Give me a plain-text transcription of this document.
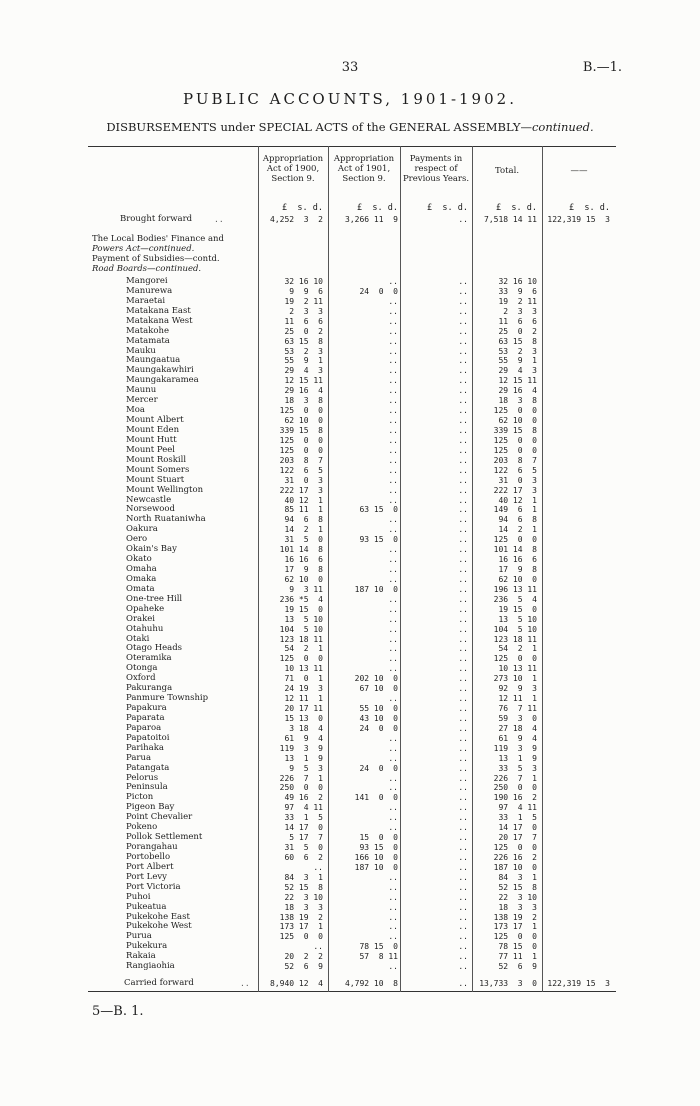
33	B.—1.
PUBLIC ACCOUNTS, 1901-1902.
DISBURSEMENTS under SPECIAL ACTS of the GENERAL ASSEMBLY—continued.
Appropriation Act of 1900, Section 9.
Appropriation Act of 1901, Section 9.
Payments in respect of Previous Years.
Total.	——
£  s. d.	£  s. d.	£  s. d.	£  s. d.	£  s. d.
Brought forward	..	4,252  3  2	3,266 11  9	..	7,518 14 11	122,319 15  3
The Local Bodies' Finance and
Powers Act—continued.
Payment of Subsidies—contd.
Road Boards—continued.
Mangorei	32 16 10	..	..	32 16 10
Manurewa	9  9  6	24  0  0	..	33  9  6
Maraetai	19  2 11	..	..	19  2 11
Matakana East	2  3  3	..	..	2  3  3
Matakana West	11  6  6	..	..	11  6  6
Matakohe	25  0  2	..	..	25  0  2
Matamata	63 15  8	..	..	63 15  8
Mauku	53  2  3	..	..	53  2  3
Maungaatua	55  9  1	..	..	55  9  1
Maungakawhiri	29  4  3	..	..	29  4  3
Maungakaramea	12 15 11	..	..	12 15 11
Maunu	29 16  4	..	..	29 16  4
Mercer	18  3  8	..	..	18  3  8
Moa	125  0  0	..	..	125  0  0
Mount Albert	62 10  0	..	..	62 10  0
Mount Eden	339 15  8	..	..	339 15  8
Mount Hutt	125  0  0	..	..	125  0  0
Mount Peel	125  0  0	..	..	125  0  0
Mount Roskill	203  8  7	..	..	203  8  7
Mount Somers	122  6  5	..	..	122  6  5
Mount Stuart	31  0  3	..	..	31  0  3
Mount Wellington	222 17  3	..	..	222 17  3
Newcastle	40 12  1	..	..	40 12  1
Norsewood	85 11  1	63 15  0	..	149  6  1
North Ruataniwha	94  6  8	..	..	94  6  8
Oakura	14  2  1	..	..	14  2  1
Oero	31  5  0	93 15  0	..	125  0  0
Okain's Bay	101 14  8	..	..	101 14  8
Okato	16 16  6	..	..	16 16  6
Omaha	17  9  8	..	..	17  9  8
Omaka	62 10  0	..	..	62 10  0
Omata	9  3 11	187 10  0	..	196 13 11
One-tree Hill	236 *5  4	..	..	236  5  4
Opaheke	19 15  0	..	..	19 15  0
Orakei	13  5 10	..	..	13  5 10
Otahuhu	104  5 10	..	..	104  5 10
Otaki	123 18 11	..	..	123 18 11
Otago Heads	54  2  1	..	..	54  2  1
Oteramika	125  0  0	..	..	125  0  0
Otonga	10 13 11	..	..	10 13 11
Oxford	71  0  1	202 10  0	..	273 10  1
Pakuranga	24 19  3	67 10  0	..	92  9  3
Panmure Township	12 11  1	..	..	12 11  1
Papakura	20 17 11	55 10  0	..	76  7 11
Paparata	15 13  0	43 10  0	..	59  3  0
Paparoa	3 18  4	24  0  0	..	27 18  4
Papatoitoi	61  9  4	..	..	61  9  4
Parihaka	119  3  9	..	..	119  3  9
Parua	13  1  9	..	..	13  1  9
Patangata	9  5  3	24  0  0	..	33  5  3
Pelorus	226  7  1	..	..	226  7  1
Peninsula	250  0  0	..	..	250  0  0
Picton	49 16  2	141  0  0	..	190 16  2
Pigeon Bay	97  4 11	..	..	97  4 11
Point Chevalier	33  1  5	..	..	33  1  5
Pokeno	14 17  0	..	..	14 17  0
Pollok Settlement	5 17  7	15  0  0	..	20 17  7
Porangahau	31  5  0	93 15  0	..	125  0  0
Portobello	60  6  2	166 10  0	..	226 16  2
Port Albert	..	187 10  0	..	187 10  0
Port Levy	84  3  1	..	..	84  3  1
Port Victoria	52 15  8	..	..	52 15  8
Puhoi	22  3 10	..	..	22  3 10
Pukeatua	18  3  3	..	..	18  3  3
Pukekohe East	138 19  2	..	..	138 19  2
Pukekohe West	173 17  1	..	..	173 17  1
Purua	125  0  0	..	..	125  0  0
Pukekura	..	78 15  0	..	78 15  0
Rakaia	20  2  2	57  8 11	..	77 11  1
Rangiaohia	52  6  9	..	..	52  6  9
Carried forward	..	8,940 12  4	4,792 10  8	..	13,733  3  0	122,319 15  3
5—B. 1.
